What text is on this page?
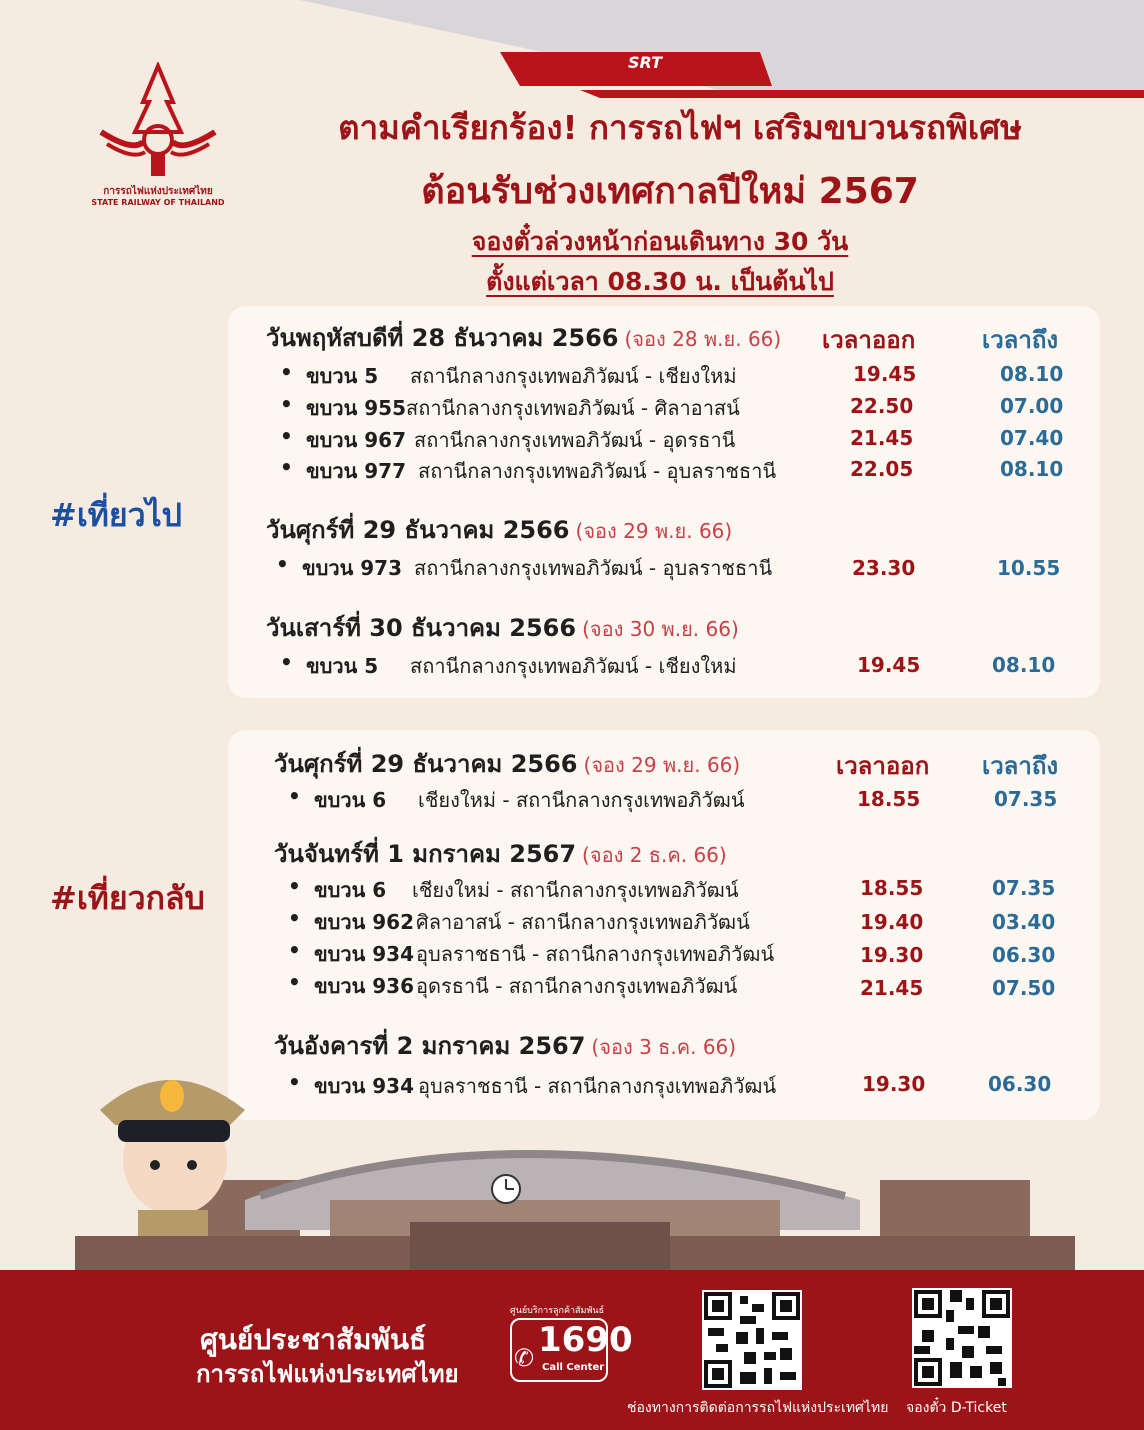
การรถไฟแห่งประเทศไทย
STATE RAILWAY OF THAILAND
SRT
ตามคำเรียกร้อง! การรถไฟฯ เสริมขบวนรถพิเศษ
ต้อนรับช่วงเทศกาลปีใหม่ 2567
จองตั๋วล่วงหน้าก่อนเดินทาง 30 วัน
ตั้งแต่เวลา 08.30 น. เป็นต้นไป
#เที่ยวไป
วันพฤหัสบดีที่ 28 ธันวาคม 2566 (จอง 28 พ.ย. 66) เวลาออก	เวลาถึง
• ขบวน 5 สถานีกลางกรุงเทพอภิวัฒน์ - เชียงใหม่	19.45	08.10
• ขบวน 955 สถานีกลางกรุงเทพอภิวัฒน์ - ศิลาอาสน์	22.50	07.00
• ขบวน 967 สถานีกลางกรุงเทพอภิวัฒน์ - อุดรธานี	21.45	07.40
• ขบวน 977 สถานีกลางกรุงเทพอภิวัฒน์ - อุบลราชธานี	22.05	08.10
วันศุกร์ที่ 29 ธันวาคม 2566 (จอง 29 พ.ย. 66)
• ขบวน 973 สถานีกลางกรุงเทพอภิวัฒน์ - อุบลราชธานี	23.30	10.55
วันเสาร์ที่ 30 ธันวาคม 2566 (จอง 30 พ.ย. 66)
• ขบวน 5 สถานีกลางกรุงเทพอภิวัฒน์ - เชียงใหม่	19.45	08.10
#เที่ยวกลับ
วันศุกร์ที่ 29 ธันวาคม 2566 (จอง 29 พ.ย. 66)	เวลาออก เวลาถึง
• ขบวน 6 เชียงใหม่ - สถานีกลางกรุงเทพอภิวัฒน์	18.55	07.35
วันจันทร์ที่ 1 มกราคม 2567 (จอง 2 ธ.ค. 66)
• ขบวน 6 เชียงใหม่ - สถานีกลางกรุงเทพอภิวัฒน์	18.55	07.35
• ขบวน 962 ศิลาอาสน์ - สถานีกลางกรุงเทพอภิวัฒน์	19.40	03.40
• ขบวน 934 อุบลราชธานี - สถานีกลางกรุงเทพอภิวัฒน์	19.30	06.30
• ขบวน 936 อุดรธานี - สถานีกลางกรุงเทพอภิวัฒน์	21.45	07.50
วันอังคารที่ 2 มกราคม 2567 (จอง 3 ธ.ค. 66)
• ขบวน 934 อุบลราชธานี - สถานีกลางกรุงเทพอภิวัฒน์	19.30	06.30
ศูนย์ประชาสัมพันธ์
การรถไฟแห่งประเทศไทย
ศูนย์บริการลูกค้าสัมพันธ์
✆ 1690
Call Center
ช่องทางการติดต่อการรถไฟแห่งประเทศไทย จองตั๋ว D-Ticket
